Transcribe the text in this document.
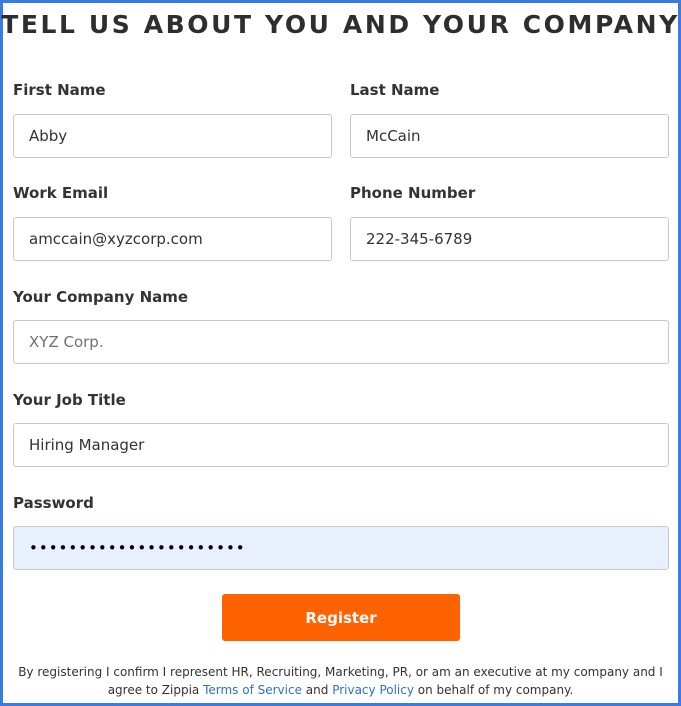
TELL US ABOUT YOU AND YOUR COMPANY
First Name
Abby	Last Name
McCain
Work Email
amccain@xyzcorp.com	Phone Number
222-345-6789
Your Company Name
XYZ Corp.
Your Job Title
Hiring Manager
Password
••••••••••••••••••••••
Register
By registering I confirm I represent HR, Recruiting, Marketing, PR, or am an executive at my company and I agree to Zippia Terms of Service and Privacy Policy on behalf of my company.
